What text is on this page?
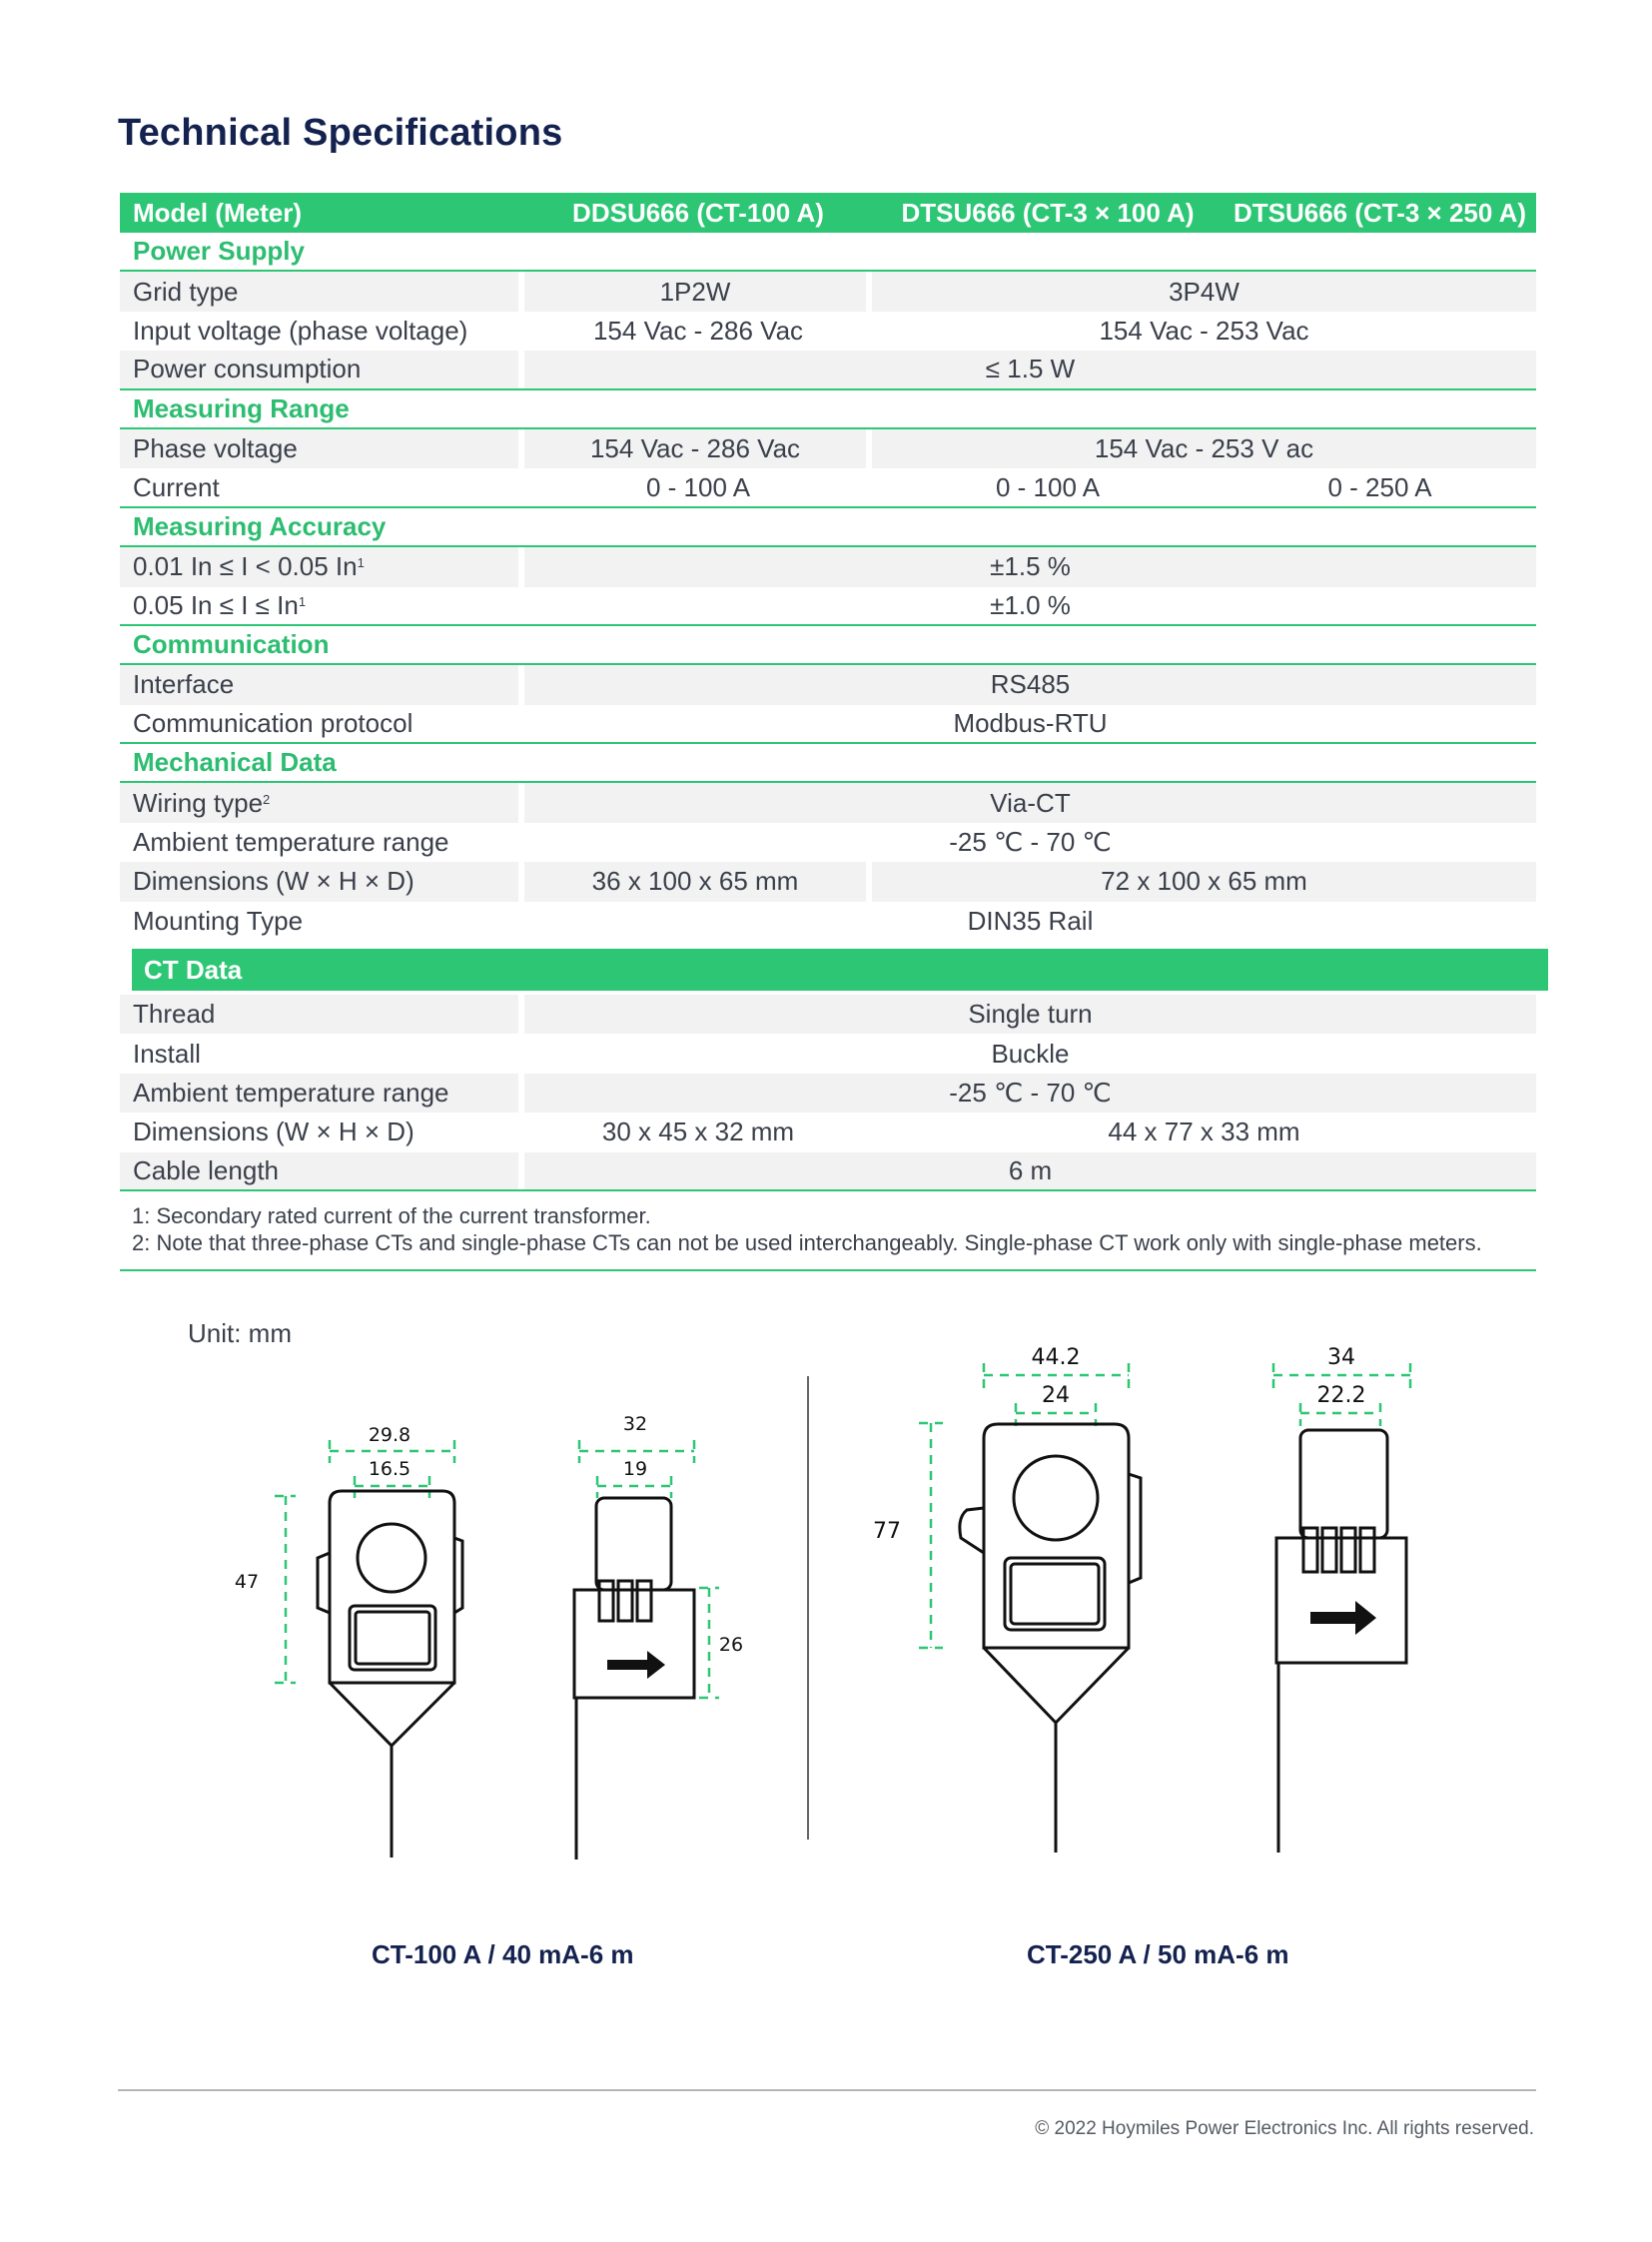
Technical Specifications
Model (Meter)	DDSU666 (CT-100 A)	DTSU666 (CT-3 × 100 A)	DTSU666 (CT-3 × 250 A)
Power Supply
Grid type	1P2W	3P4W
Input voltage (phase voltage)	154 Vac - 286 Vac	154 Vac - 253 Vac
Power consumption	≤ 1.5 W
Measuring Range
Phase voltage	154 Vac - 286 Vac	154 Vac - 253 V ac
Current	0 - 100 A	0 - 100 A	0 - 250 A
Measuring Accuracy
0.01 In ≤ I < 0.05 $In^1$	±1.5 %
0.05 $In \le I \le In^1$	±1.0 %
Communication
Interface	RS485
Communication protocol	Modbus-RTU
Mechanical Data
Wiring type$^2$	Via-CT
Ambient temperature range	-25 ℃ - 70 ℃
Dimensions (W × H × D)	36 x 100 x 65 mm	72 x 100 x 65 mm
Mounting Type	DIN35 Rail
CT Data
Thread	Single turn
Install	Buckle
Ambient temperature range	-25 ℃ - 70 ℃
Dimensions (W × H × D)	30 x 45 x 32 mm	44 x 77 x 33 mm
Cable length	6 m
1: Secondary rated current of the current transformer.
2: Note that three-phase CTs and single-phase CTs can not be used interchangeably. Single-phase CT work only with single-phase meters.
Unit: mm
29.8
16.5
47
32
19
26
44.2
24
77
34
22.2
CT-100 A / 40 mA-6 m	CT-250 A / 50 mA-6 m
© 2022 Hoymiles Power Electronics Inc. All rights reserved.
